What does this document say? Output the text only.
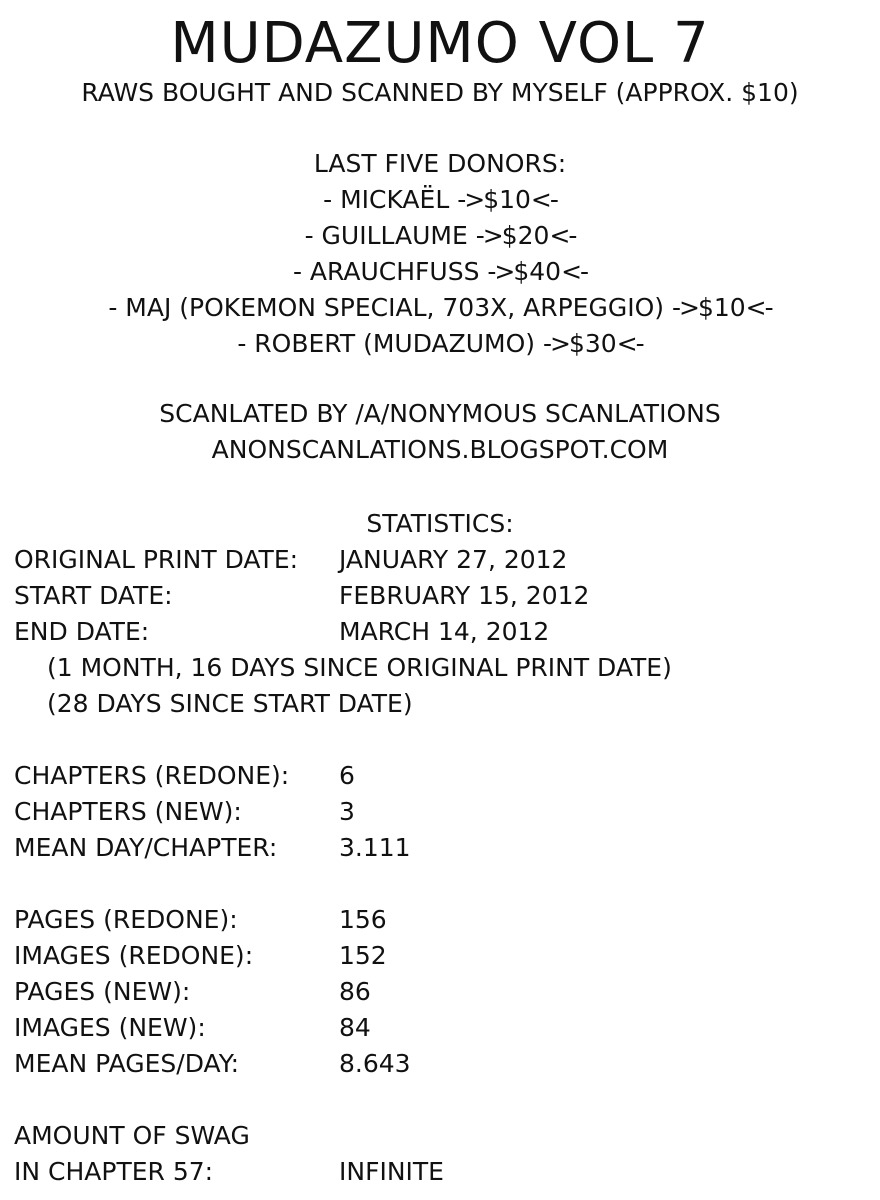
MUDAZUMO VOL 7
RAWS BOUGHT AND SCANNED BY MYSELF (APPROX. $10)
LAST FIVE DONORS:
- MICKAËL ->$10<-
- GUILLAUME ->$20<-
- ARAUCHFUSS ->$40<-
- MAJ (POKEMON SPECIAL, 703X, ARPEGGIO) ->$10<-
- ROBERT (MUDAZUMO) ->$30<-
SCANLATED BY /A/NONYMOUS SCANLATIONS
ANONSCANLATIONS.BLOGSPOT.COM
STATISTICS:
ORIGINAL PRINT DATE:	JANUARY 27, 2012
START DATE:	FEBRUARY 15, 2012
END DATE:	MARCH 14, 2012
(1 MONTH, 16 DAYS SINCE ORIGINAL PRINT DATE)
(28 DAYS SINCE START DATE)
CHAPTERS (REDONE):	6
CHAPTERS (NEW):	3
MEAN DAY/CHAPTER:	3.111
PAGES (REDONE):	156
IMAGES (REDONE):	152
PAGES (NEW):	86
IMAGES (NEW):	84
MEAN PAGES/DAY:	8.643
AMOUNT OF SWAG
IN CHAPTER 57:	INFINITE
